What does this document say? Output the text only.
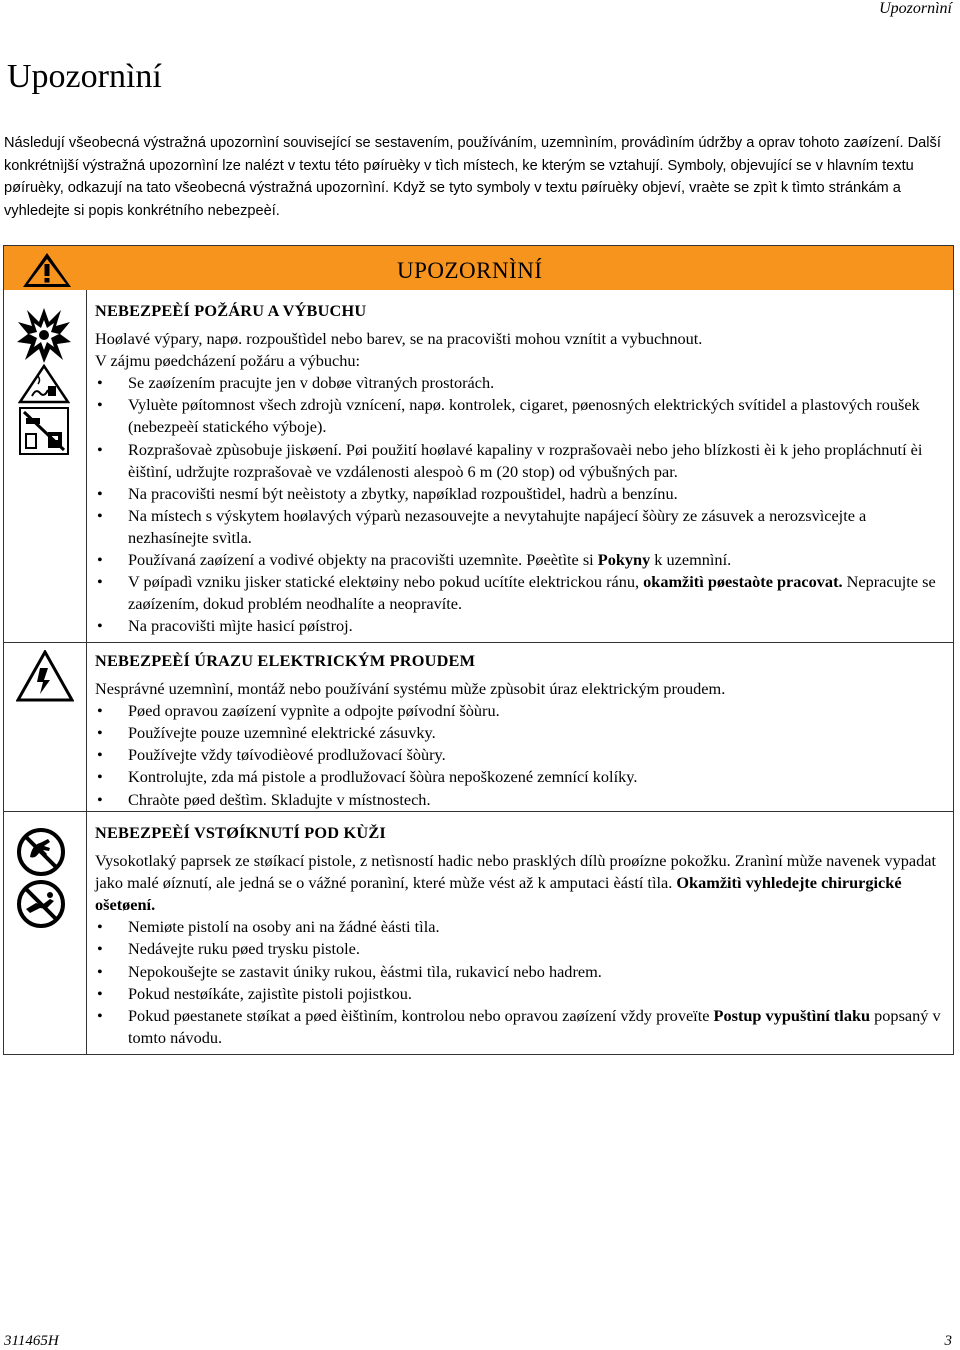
Upozornìní
Upozornìní

Následují všeobecná výstražná upozornìní související se sestavením, používáním, uzemnìním, provádìním údržby a oprav tohoto zaøízení. Další konkrétnìjší výstražná upozornìní lze nalézt v textu této pøíruèky v tìch místech, ke kterým se vztahují. Symboly, objevující se v hlavním textu pøíruèky, odkazují na tato všeobecná výstražná upozornìní. Když se tyto symboly v textu pøíruèky objeví, vraète se zpìt k tìmto stránkám a vyhledejte si popis konkrétního nebezpeèí.

UPOZORNÌNÍ
NEBEZPEÈÍ POŽÁRU A VÝBUCHU

Hoølavé výpary, napø. rozpouštìdel nebo barev, se na pracovišti mohou vznítit a vybuchnout.

V zájmu pøedcházení požáru a výbuchu:

• Se zaøízením pracujte jen v dobøe vìtraných prostorách.
• Vyluète pøítomnost všech zdrojù vznícení, napø. kontrolek, cigaret, pøenosných elektrických svítidel a plastových roušek (nebezpeèí statického výboje).
• Rozprašovaè zpùsobuje jiskøení. Pøi použití hoølavé kapaliny v rozprašovaèi nebo jeho blízkosti èi k jeho propláchnutí èi èištìní, udržujte rozprašovaè ve vzdálenosti alespoò 6 m (20 stop) od výbušných par.
• Na pracovišti nesmí být neèistoty a zbytky, napøíklad rozpouštìdel, hadrù a benzínu.
• Na místech s výskytem hoølavých výparù nezasouvejte a nevytahujte napájecí šòùry ze zásuvek a nerozsvìcejte a nezhasínejte svìtla.
• Používaná zaøízení a vodivé objekty na pracovišti uzemnìte. Pøeètìte si Pokyny k uzemnìní.
• V pøípadì vzniku jisker statické elektøiny nebo pokud ucítíte elektrickou ránu, okamžitì pøestaòte pracovat. Nepracujte se zaøízením, dokud problém neodhalíte a neopravíte.
• Na pracovišti mìjte hasicí pøístroj.
NEBEZPEÈÍ ÚRAZU ELEKTRICKÝM PROUDEM

Nesprávné uzemnìní, montáž nebo používání systému mùže zpùsobit úraz elektrickým proudem.

• Pøed opravou zaøízení vypnìte a odpojte pøívodní šòùru.
• Používejte pouze uzemnìné elektrické zásuvky.
• Používejte vždy tøívodièové prodlužovací šòùry.
• Kontrolujte, zda má pistole a prodlužovací šòùra nepoškozené zemnící kolíky.
• Chraòte pøed deštìm. Skladujte v místnostech.
NEBEZPEÈÍ VSTØÍKNUTÍ POD KÙŽI

Vysokotlaký paprsek ze støíkací pistole, z netìsností hadic nebo prasklých dílù proøízne pokožku. Zranìní mùže navenek vypadat jako malé øíznutí, ale jedná se o vážné poranìní, které mùže vést až k amputaci èástí tìla. Okamžitì vyhledejte chirurgické ošetøení.

• Nemiøte pistolí na osoby ani na žádné èásti tìla.
• Nedávejte ruku pøed trysku pistole.
• Nepokoušejte se zastavit úniky rukou, èástmi tìla, rukavicí nebo hadrem.
• Pokud nestøíkáte, zajistìte pistoli pojistkou.
• Pokud pøestanete støíkat a pøed èištìním, kontrolou nebo opravou zaøízení vždy proveïte Postup vypuštìní tlaku popsaný v tomto návodu.
311465H	3
